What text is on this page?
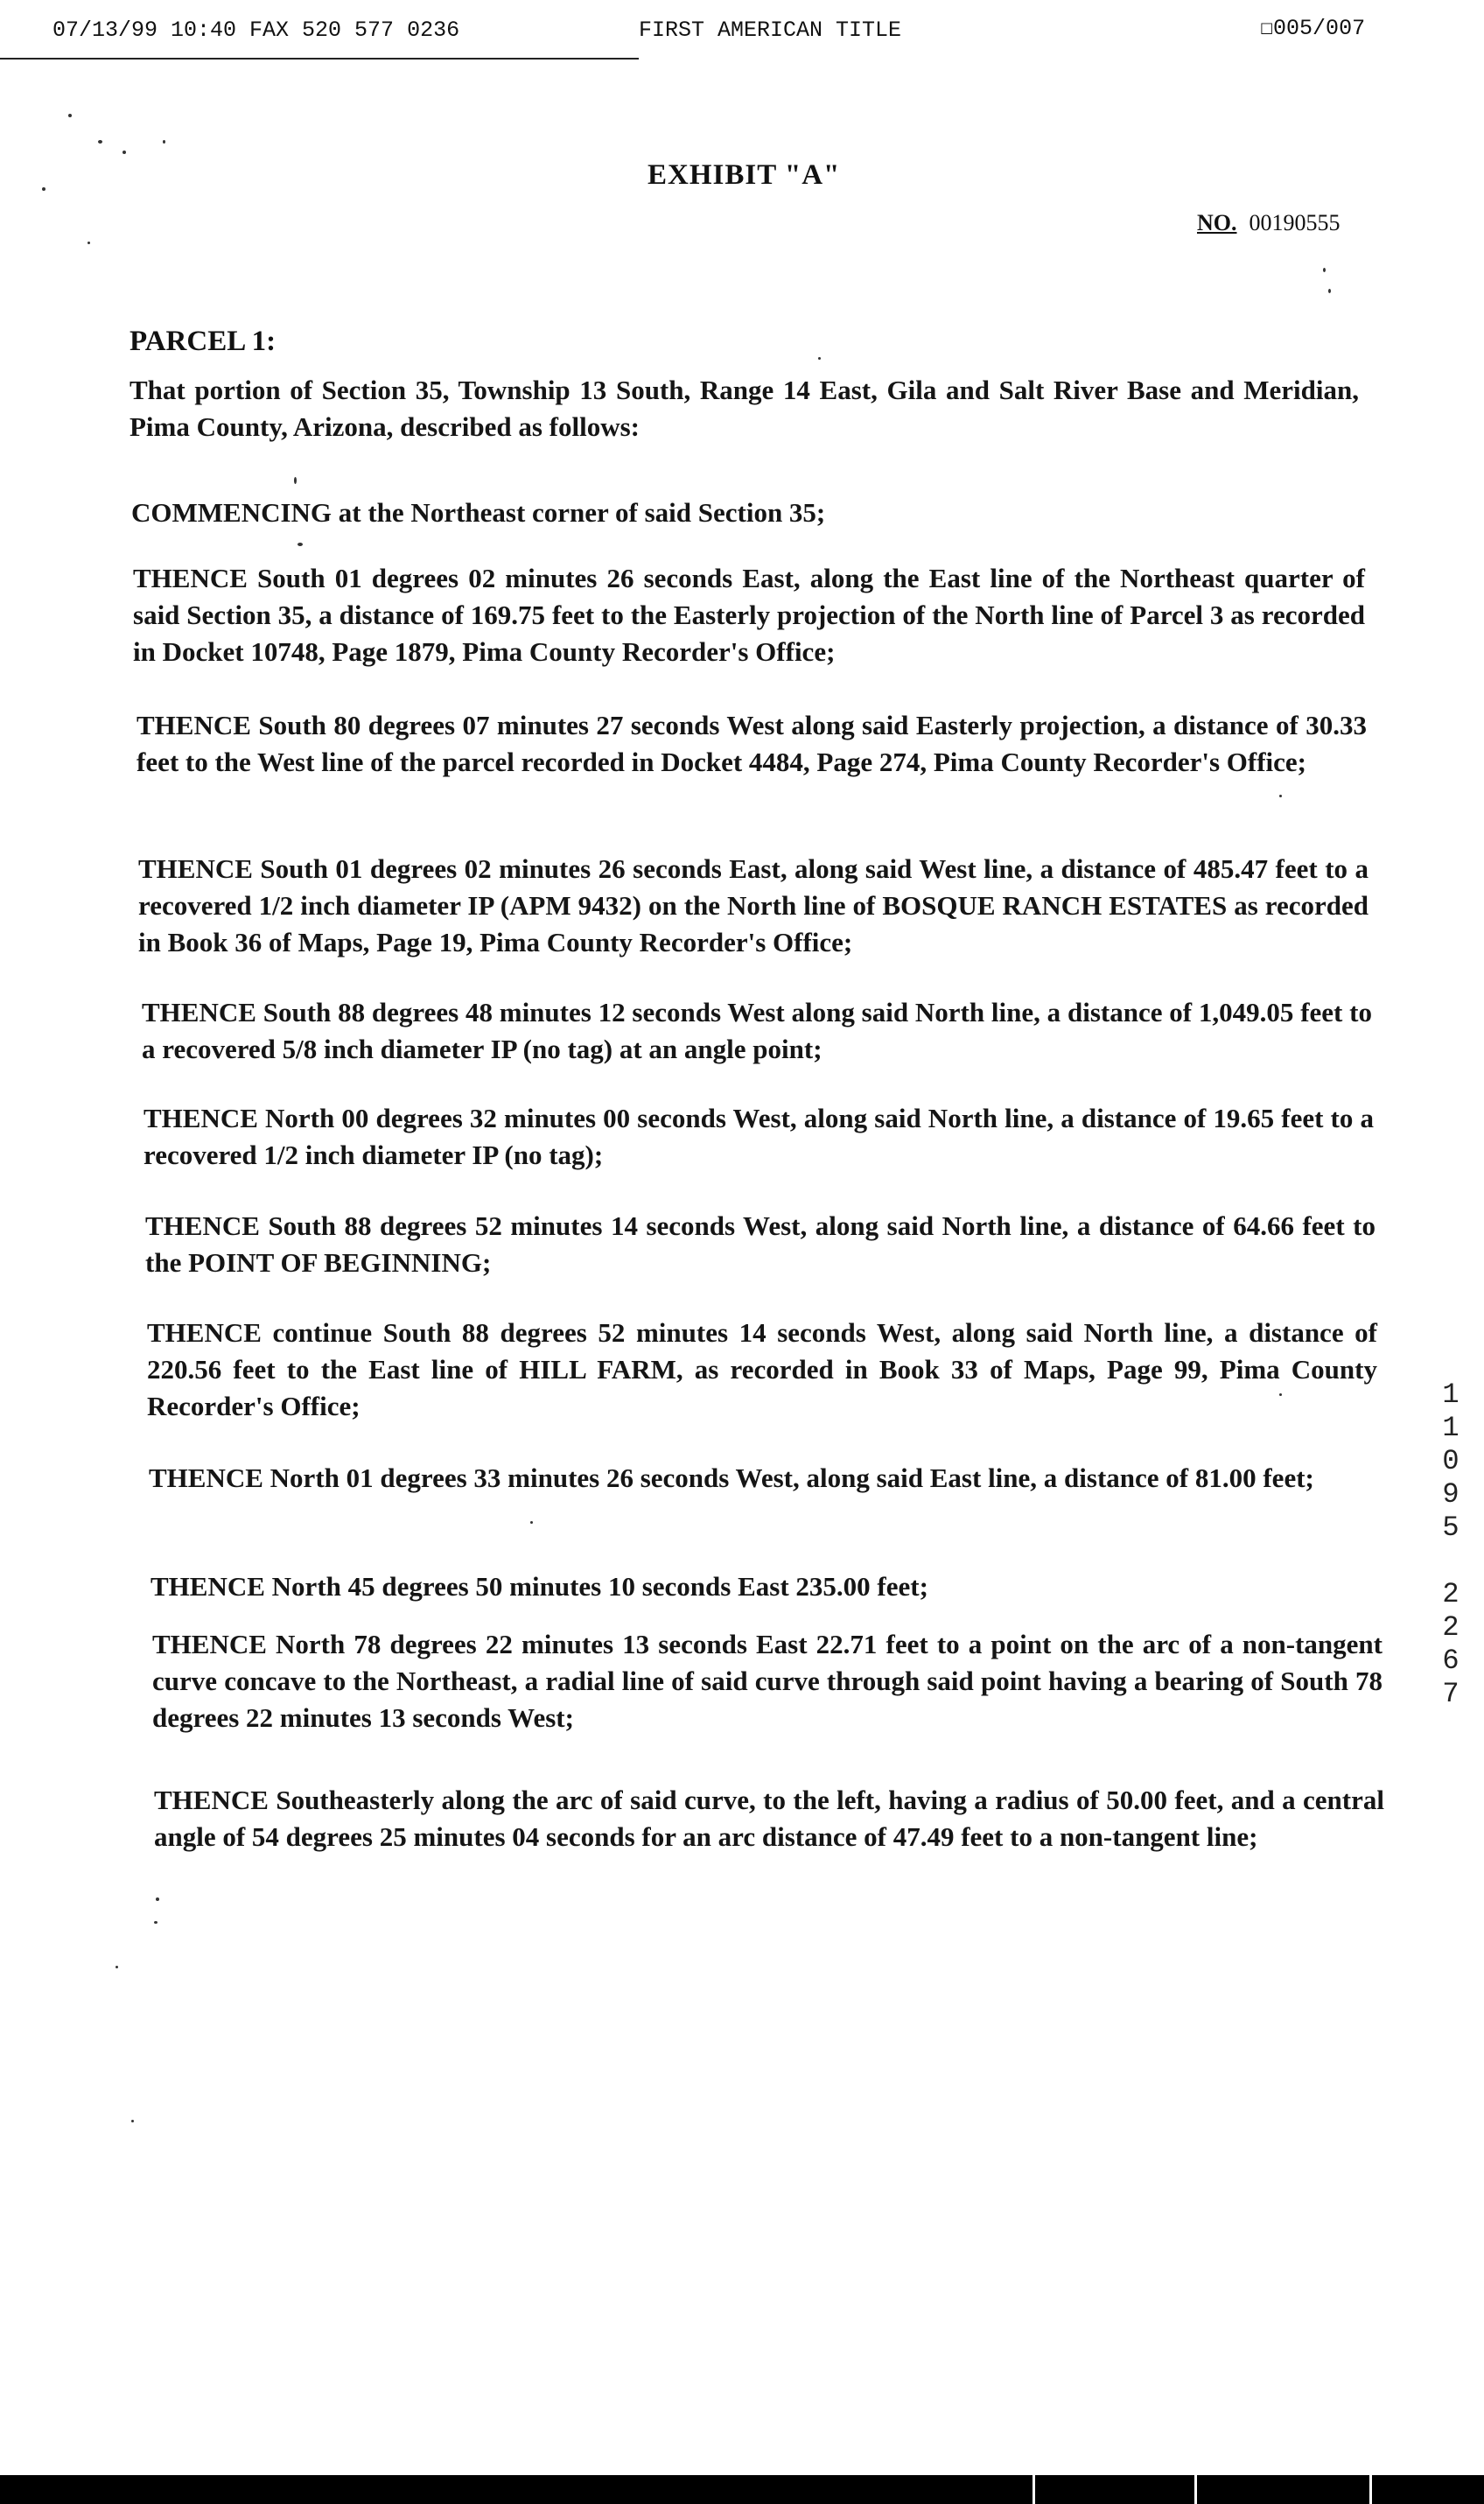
07/13/99 10:40 FAX 520 577 0236	FIRST AMERICAN TITLE	☐005/007
EXHIBIT "A"
NO. 00190555
PARCEL 1:
That portion of Section 35, Township 13 South, Range 14 East, Gila and Salt River Base and Meridian, Pima County, Arizona, described as follows:
COMMENCING at the Northeast corner of said Section 35;
THENCE South 01 degrees 02 minutes 26 seconds East, along the East line of the Northeast quarter of said Section 35, a distance of 169.75 feet to the Easterly projection of the North line of Parcel 3 as recorded in Docket 10748, Page 1879, Pima County Recorder's Office;
THENCE South 80 degrees 07 minutes 27 seconds West along said Easterly projection, a distance of 30.33 feet to the West line of the parcel recorded in Docket 4484, Page 274, Pima County Recorder's Office;
THENCE South 01 degrees 02 minutes 26 seconds East, along said West line, a distance of 485.47 feet to a recovered 1/2 inch diameter IP (APM 9432) on the North line of BOSQUE RANCH ESTATES as recorded in Book 36 of Maps, Page 19, Pima County Recorder's Office;
THENCE South 88 degrees 48 minutes 12 seconds West along said North line, a distance of 1,049.05 feet to a recovered 5/8 inch diameter IP (no tag) at an angle point;
THENCE North 00 degrees 32 minutes 00 seconds West, along said North line, a distance of 19.65 feet to a recovered 1/2 inch diameter IP (no tag);
THENCE South 88 degrees 52 minutes 14 seconds West, along said North line, a distance of 64.66 feet to the POINT OF BEGINNING;
THENCE continue South 88 degrees 52 minutes 14 seconds West, along said North line, a distance of 220.56 feet to the East line of HILL FARM, as recorded in Book 33 of Maps, Page 99, Pima County Recorder's Office;
THENCE North 01 degrees 33 minutes 26 seconds West, along said East line, a distance of 81.00 feet;
THENCE North 45 degrees 50 minutes 10 seconds East 235.00 feet;
THENCE North 78 degrees 22 minutes 13 seconds East 22.71 feet to a point on the arc of a non-tangent curve concave to the Northeast, a radial line of said curve through said point having a bearing of South 78 degrees 22 minutes 13 seconds West;
THENCE Southeasterly along the arc of said curve, to the left, having a radius of 50.00 feet, and a central angle of 54 degrees 25 minutes 04 seconds for an arc distance of 47.49 feet to a non-tangent line;
1
1
0
9
5

2
2
6
7
